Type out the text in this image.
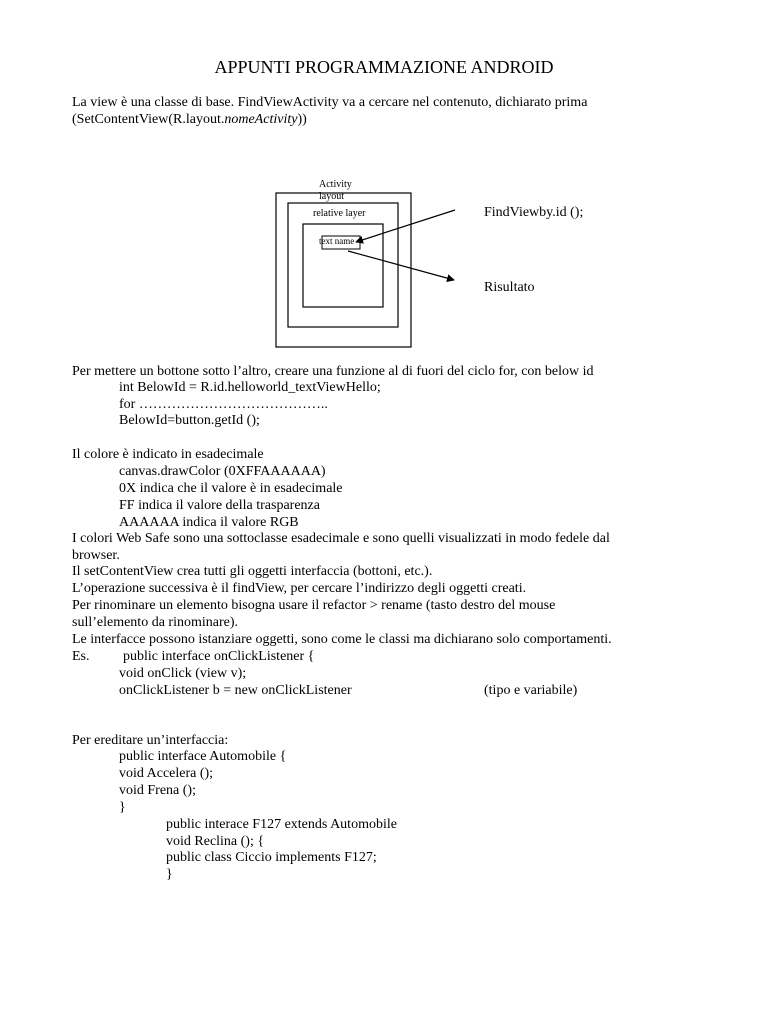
APPUNTI PROGRAMMAZIONE ANDROID
La view è una classe di base. FindViewActivity va a cercare nel contenuto, dichiarato prima
(SetContentView(R.layout.nomeActivity))
Activity
layout
relative layer
text name
FindViewby.id ();
Risultato
Per mettere un bottone sotto l’altro, creare una funzione al di fuori del ciclo for, con below id
int BelowId = R.id.helloworld_textViewHello;
for …………………………………..
BelowId=button.getId ();
Il colore è indicato in esadecimale
canvas.drawColor (0XFFAAAAAA)
0X indica che il valore è in esadecimale
FF indica il valore della trasparenza
AAAAAA indica il valore RGB
I colori Web Safe sono una sottoclasse esadecimale e sono quelli visualizzati in modo fedele dal
browser.
Il setContentView crea tutti gli oggetti interfaccia (bottoni, etc.).
L’operazione successiva è il findView, per cercare l’indirizzo degli oggetti creati.
Per rinominare un elemento bisogna usare il refactor > rename (tasto destro del mouse
sull’elemento da rinominare).
Le interfacce possono istanziare oggetti, sono come le classi ma dichiarano solo comportamenti.
Es. public interface onClickListener {
void onClick (view v);
onClickListener b = new onClickListener	(tipo e variabile)
Per ereditare un’interfaccia:
public interface Automobile {
void Accelera ();
void Frena ();
}
public interace F127 extends Automobile
void Reclina (); {
public class Ciccio implements F127;
}
